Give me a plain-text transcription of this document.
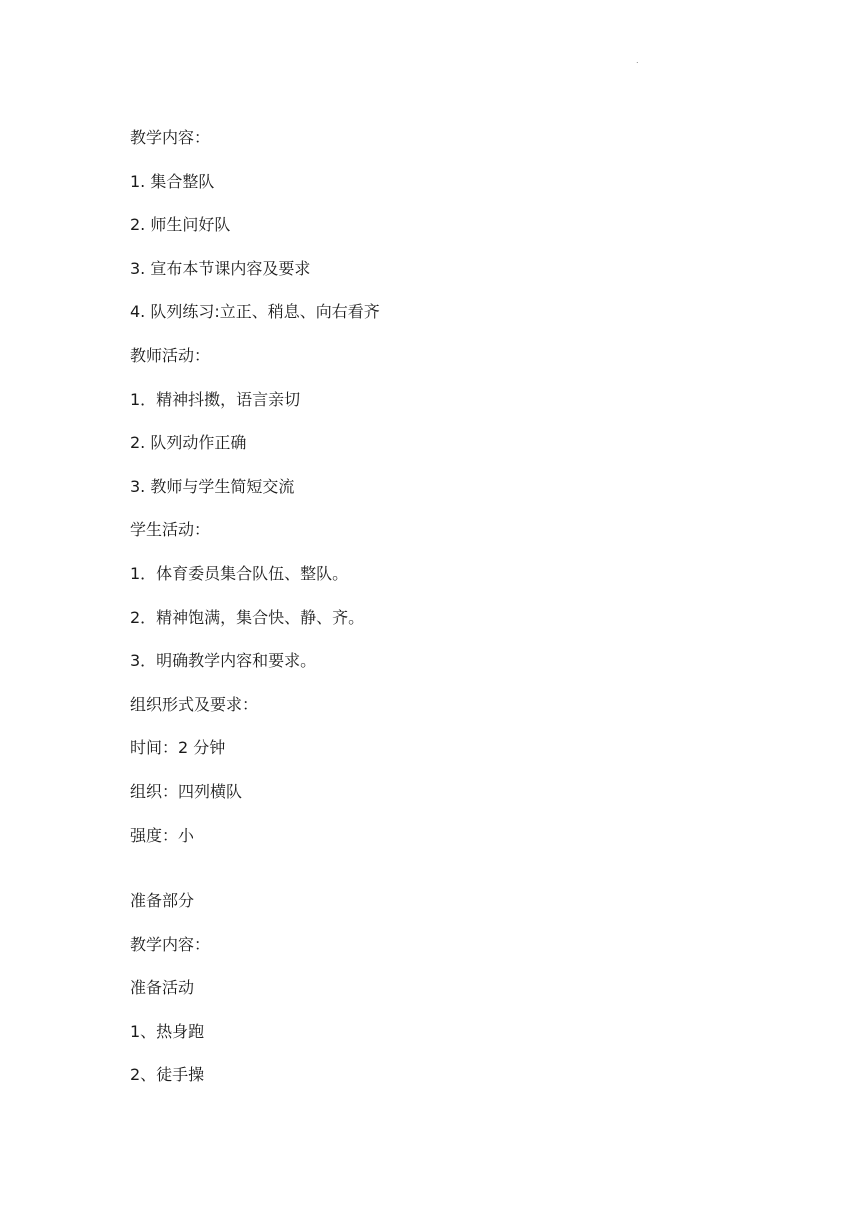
.
教学内容：
1. 集合整队
2. 师生问好队
3. 宣布本节课内容及要求
4. 队列练习:立正、稍息、向右看齐
教师活动：
1．精神抖擞，语言亲切
2. 队列动作正确
3. 教师与学生简短交流
学生活动：
1．体育委员集合队伍、整队。
2．精神饱满，集合快、静、齐。
3．明确教学内容和要求。
组织形式及要求：
时间：2 分钟
组织：四列横队
强度：小
准备部分
教学内容：
准备活动
1、热身跑
2、徒手操
